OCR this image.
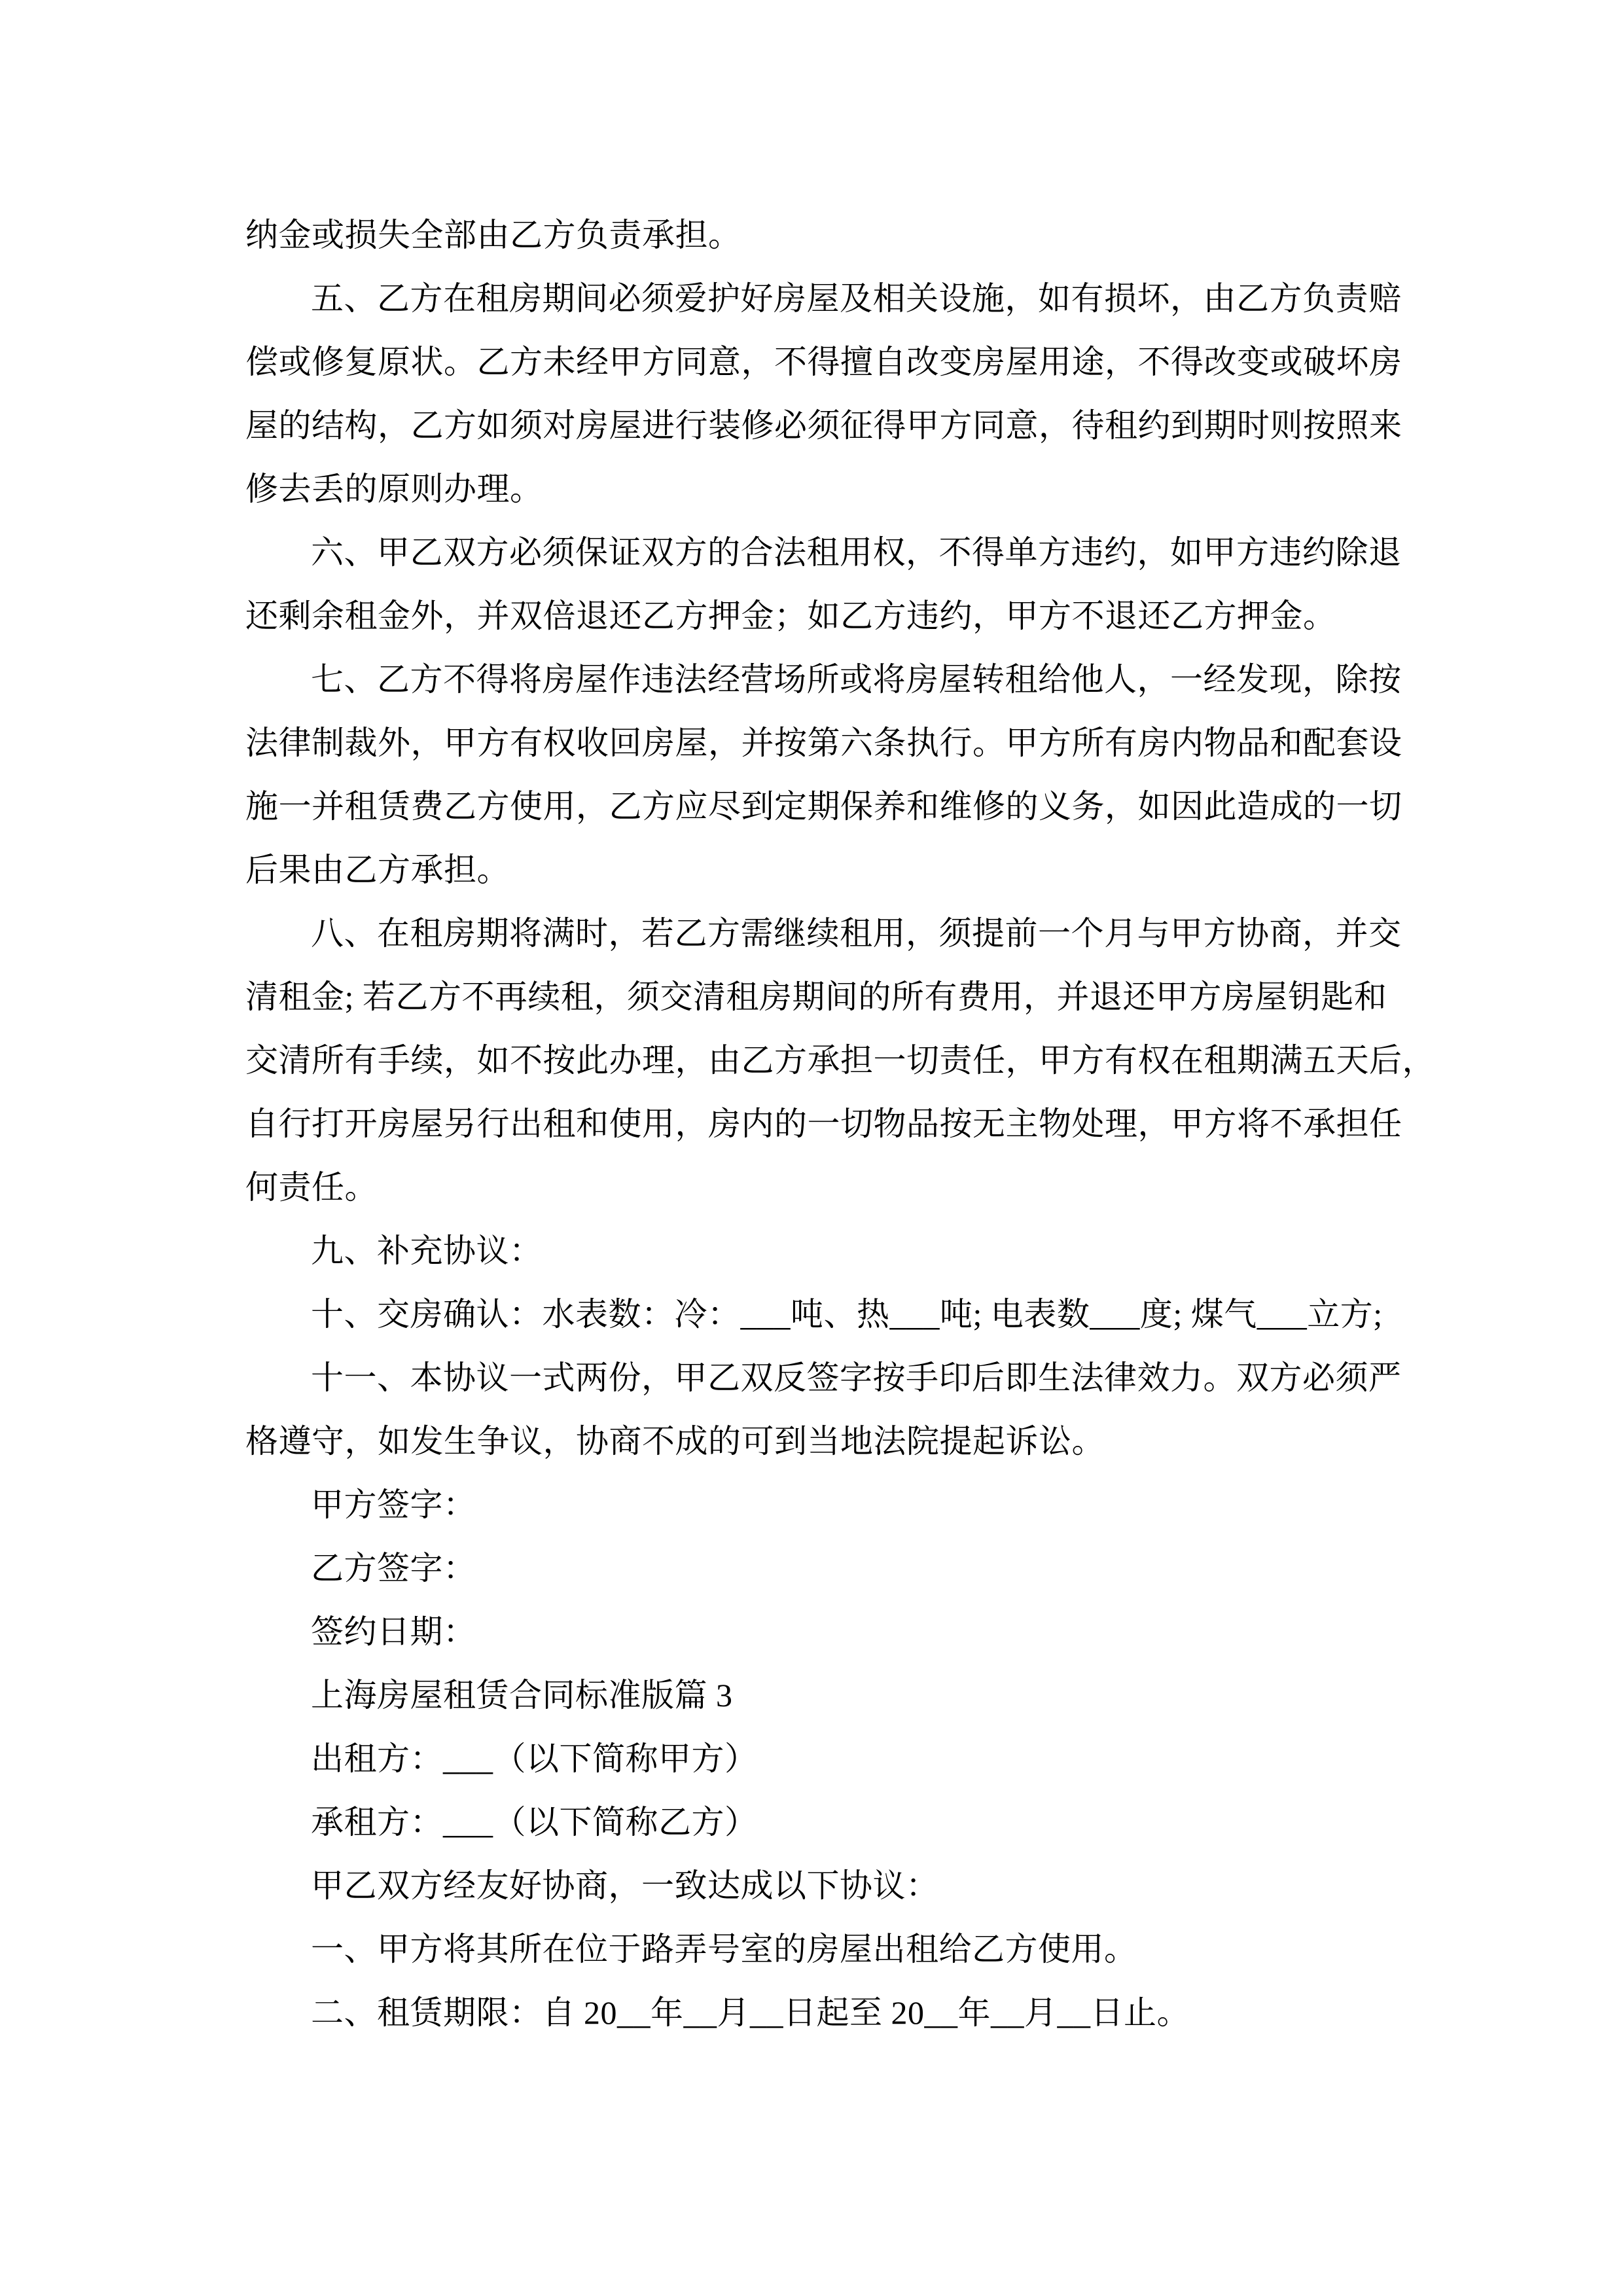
纳金或损失全部由乙方负责承担。

五、乙方在租房期间必须爱护好房屋及相关设施，如有损坏，由乙方负责赔

偿或修复原状。乙方未经甲方同意，不得擅自改变房屋用途，不得改变或破坏房

屋的结构，乙方如须对房屋进行装修必须征得甲方同意，待租约到期时则按照来

修去丢的原则办理。

六、甲乙双方必须保证双方的合法租用权，不得单方违约，如甲方违约除退

还剩余租金外，并双倍退还乙方押金；如乙方违约，甲方不退还乙方押金。

七、乙方不得将房屋作违法经营场所或将房屋转租给他人，一经发现，除按

法律制裁外，甲方有权收回房屋，并按第六条执行。甲方所有房内物品和配套设

施一并租赁费乙方使用，乙方应尽到定期保养和维修的义务，如因此造成的一切

后果由乙方承担。

八、在租房期将满时，若乙方需继续租用，须提前一个月与甲方协商，并交

清租金; 若乙方不再续租，须交清租房期间的所有费用，并退还甲方房屋钥匙和

交清所有手续，如不按此办理，由乙方承担一切责任，甲方有权在租期满五天后，

自行打开房屋另行出租和使用，房内的一切物品按无主物处理，甲方将不承担任

何责任。

九、补充协议：

十、交房确认：水表数：冷：___吨、热___吨; 电表数___度; 煤气___立方;

十一、本协议一式两份，甲乙双反签字按手印后即生法律效力。双方必须严

格遵守，如发生争议，协商不成的可到当地法院提起诉讼。

甲方签字：

乙方签字：

签约日期：

上海房屋租赁合同标准版篇 3

出租方：___（以下简称甲方）

承租方：___（以下简称乙方）

甲乙双方经友好协商，一致达成以下协议：

一、甲方将其所在位于路弄号室的房屋出租给乙方使用。

二、租赁期限：自 20__年__月__日起至 20__年__月__日止。
